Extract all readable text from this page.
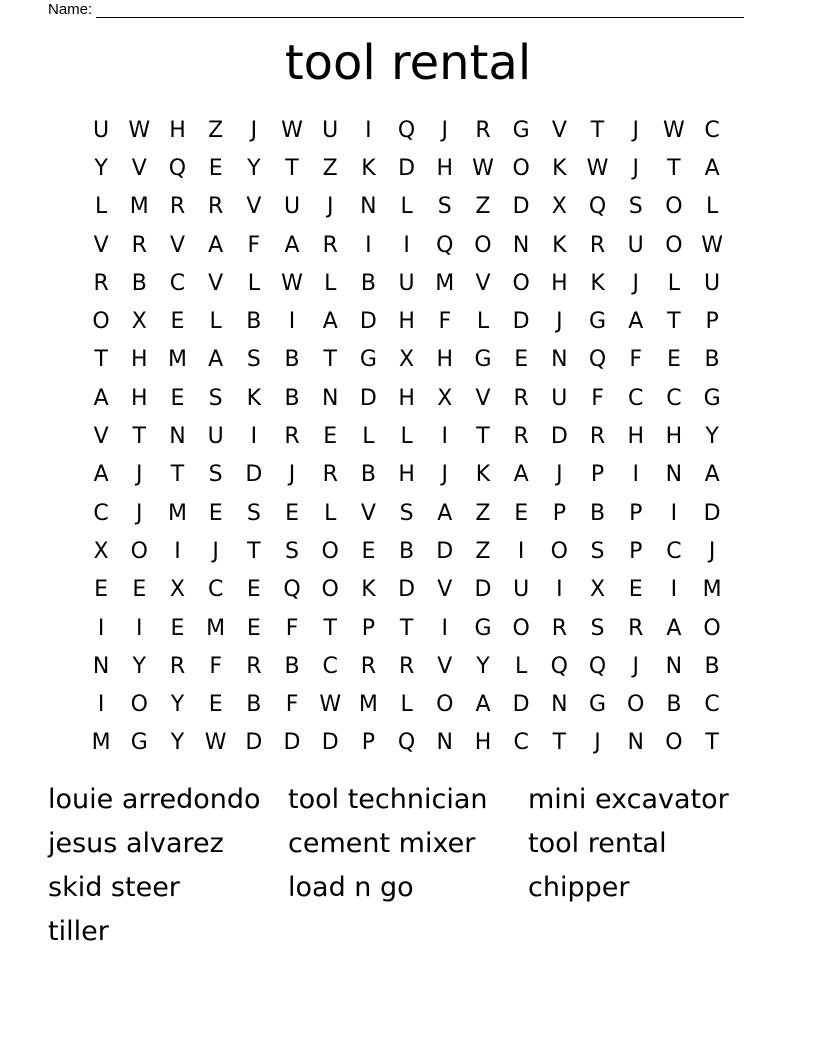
Name:
tool rental
U W H	Z	J	W U	I	Q	J	R	G	V	T	J	W C
Y	V Q	E	Y	T	Z	K	D H W O	K W	J	T	A
L	M R	R	V	U	J	N	L	S	Z	D	X Q	S	O	L
V	R	V	A	F	A	R	I	I	Q O N	K	R	U O W
R	B	C	V	L W L	B	U M V O H	K	J	L	U
O X	E	L	B	I	A	D H	F	L	D	J	G	A	T	P
T	H M A	S	B	T	G	X	H G	E	N Q	F	E	B
A	H	E	S	K	B	N D H	X	V	R	U	F	C	C G
V	T	N U	I	R	E	L	L	I	T	R	D	R	H H	Y
A	J	T	S	D	J	R	B	H	J	K	A	J	P	I	N	A
C	J	M E	S	E	L	V	S	A	Z	E	P	B	P	I	D
X O	I	J	T	S	O	E	B	D	Z	I	O	S	P	C	J
E	E	X	C	E	Q O	K	D	V	D U	I	X	E	I	M
I	I	E M E	F	T	P	T	I	G O R	S	R	A O
N	Y	R	F	R	B	C	R	R	V	Y	L	Q Q	J	N	B
I	O	Y	E	B	F W M	L	O	A	D N G O B	C
M G	Y W D D D	P	Q N H	C	T	J	N O	T
louie arredondo	tool technician	mini excavator
jesus alvarez	cement mixer	tool rental
skid steer	load n go	chipper
tiller
